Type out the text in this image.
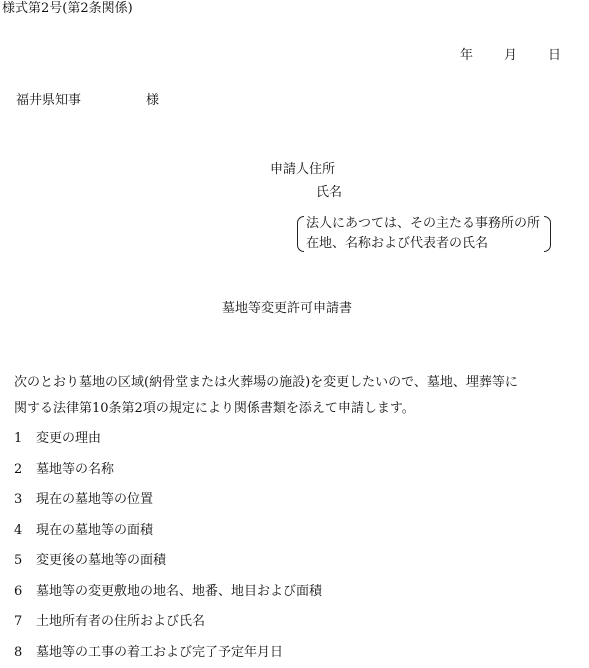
様式第2号(第2条関係)
年 月 日
福井県知事	様
申請人住所
氏名
法人にあつては、その主たる事務所の所
在地、名称および代表者の氏名
墓地等変更許可申請書
次のとおり墓地の区域(納骨堂または火葬場の施設)を変更したいので、墓地、埋葬等に
関する法律第10条第2項の規定により関係書類を添えて申請します。
1	変更の理由
2	墓地等の名称
3	現在の墓地等の位置
4	現在の墓地等の面積
5	変更後の墓地等の面積
6	墓地等の変更敷地の地名、地番、地目および面積
7	土地所有者の住所および氏名
8	墓地等の工事の着工および完了予定年月日
